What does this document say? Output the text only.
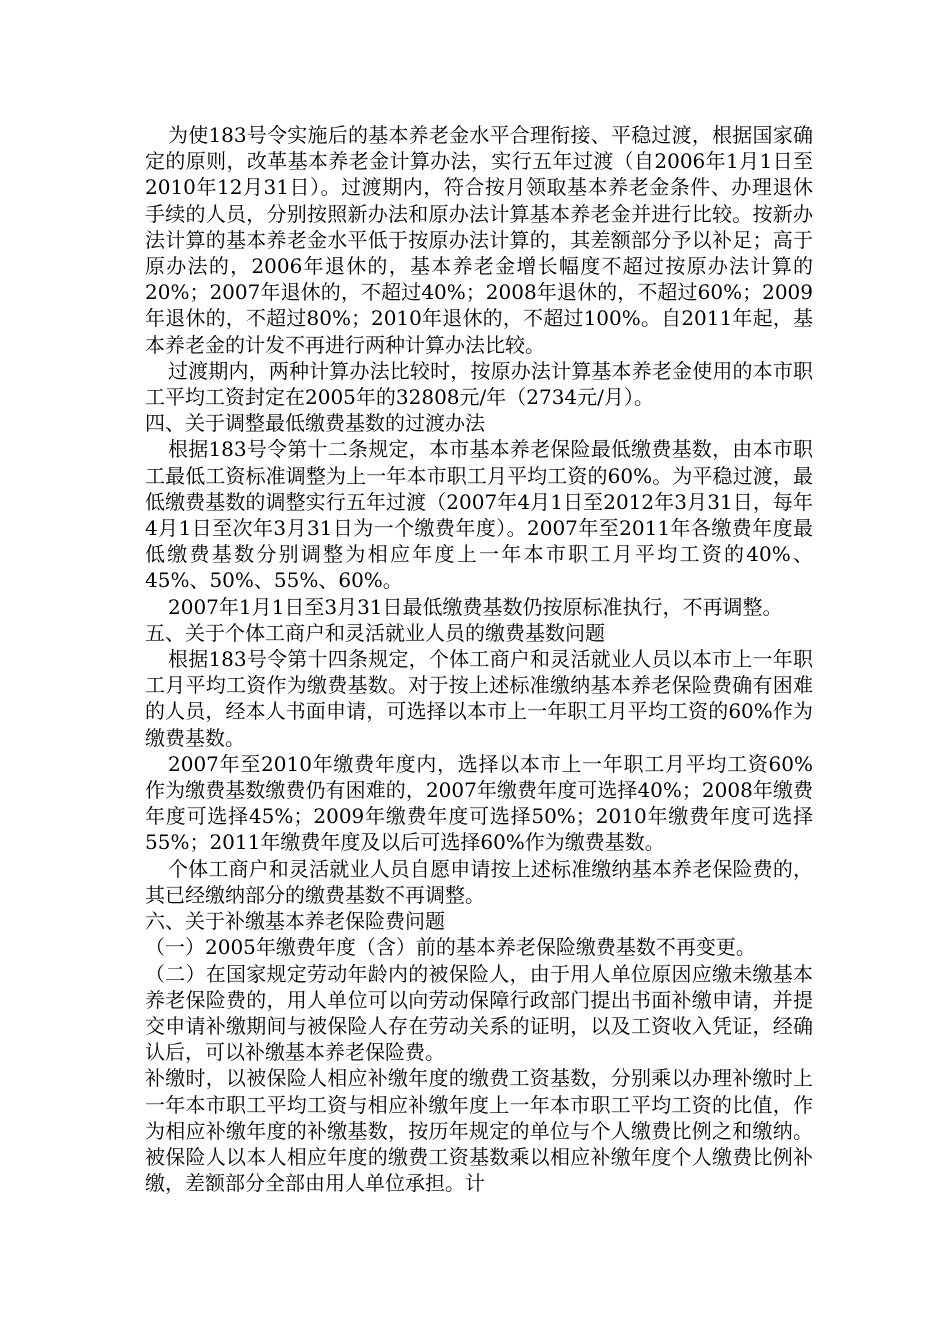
为使183号令实施后的基本养老金水平合理衔接、平稳过渡，根据国家确定的原则，改革基本养老金计算办法，实行五年过渡（自2006年1月1日至2010年12月31日）。过渡期内，符合按月领取基本养老金条件、办理退休手续的人员，分别按照新办法和原办法计算基本养老金并进行比较。按新办法计算的基本养老金水平低于按原办法计算的，其差额部分予以补足；高于原办法的，2006年退休的，基本养老金增长幅度不超过按原办法计算的20%；2007年退休的，不超过40%；2008年退休的，不超过60%；2009年退休的，不超过80%；2010年退休的，不超过100%。自2011年起，基本养老金的计发不再进行两种计算办法比较。

过渡期内，两种计算办法比较时，按原办法计算基本养老金使用的本市职工平均工资封定在2005年的32808元/年（2734元/月）。

四、关于调整最低缴费基数的过渡办法

根据183号令第十二条规定，本市基本养老保险最低缴费基数，由本市职工最低工资标准调整为上一年本市职工月平均工资的60%。为平稳过渡，最低缴费基数的调整实行五年过渡（2007年4月1日至2012年3月31日，每年4月1日至次年3月31日为一个缴费年度）。2007年至2011年各缴费年度最低缴费基数分别调整为相应年度上一年本市职工月平均工资的40%、45%、50%、55%、60%。

2007年1月1日至3月31日最低缴费基数仍按原标准执行，不再调整。

五、关于个体工商户和灵活就业人员的缴费基数问题

根据183号令第十四条规定，个体工商户和灵活就业人员以本市上一年职工月平均工资作为缴费基数。对于按上述标准缴纳基本养老保险费确有困难的人员，经本人书面申请，可选择以本市上一年职工月平均工资的60%作为缴费基数。

2007年至2010年缴费年度内，选择以本市上一年职工月平均工资60%作为缴费基数缴费仍有困难的，2007年缴费年度可选择40%；2008年缴费年度可选择45%；2009年缴费年度可选择50%；2010年缴费年度可选择55%；2011年缴费年度及以后可选择60%作为缴费基数。

个体工商户和灵活就业人员自愿申请按上述标准缴纳基本养老保险费的，其已经缴纳部分的缴费基数不再调整。

六、关于补缴基本养老保险费问题

（一）2005年缴费年度（含）前的基本养老保险缴费基数不再变更。

（二）在国家规定劳动年龄内的被保险人，由于用人单位原因应缴未缴基本养老保险费的，用人单位可以向劳动保障行政部门提出书面补缴申请，并提交申请补缴期间与被保险人存在劳动关系的证明，以及工资收入凭证，经确认后，可以补缴基本养老保险费。

补缴时，以被保险人相应补缴年度的缴费工资基数，分别乘以办理补缴时上一年本市职工平均工资与相应补缴年度上一年本市职工平均工资的比值，作为相应补缴年度的补缴基数，按历年规定的单位与个人缴费比例之和缴纳。被保险人以本人相应年度的缴费工资基数乘以相应补缴年度个人缴费比例补缴，差额部分全部由用人单位承担。计
